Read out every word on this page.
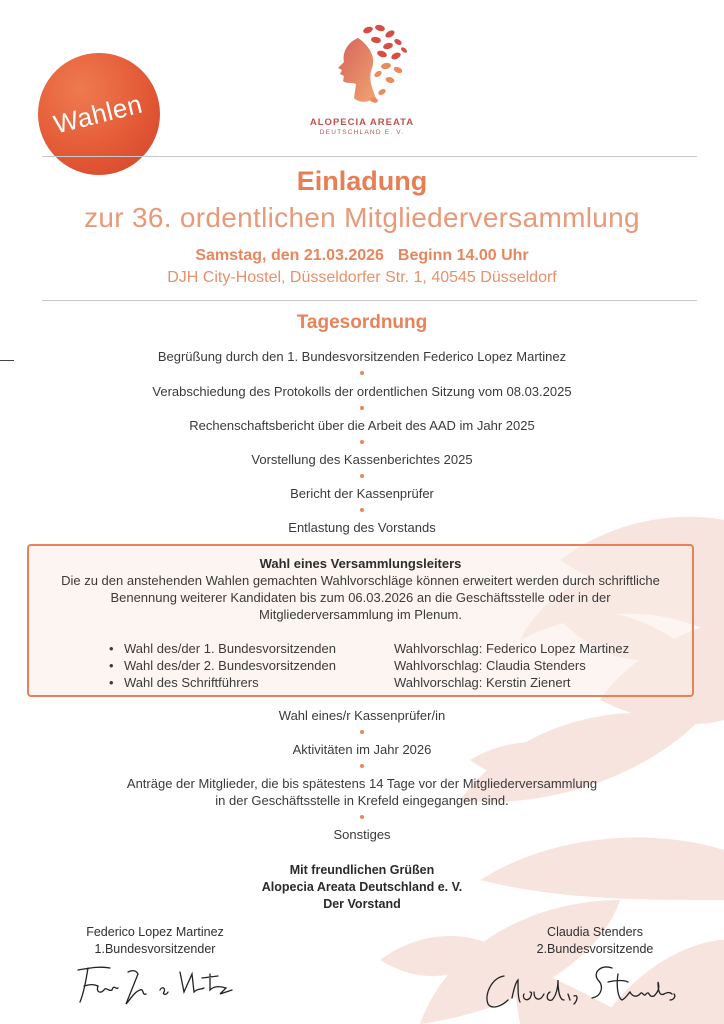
Wahlen	ALOPECIA AREATA
DEUTSCHLAND E. V.
Einladung
zur 36. ordentlichen Mitgliederversammlung
Samstag, den 21.03.2026 Beginn 14.00 Uhr
DJH City-Hostel, Düsseldorfer Str. 1, 40545 Düsseldorf
Tagesordnung
Begrüßung durch den 1. Bundesvorsitzenden Federico Lopez Martinez
Verabschiedung des Protokolls der ordentlichen Sitzung vom 08.03.2025
Rechenschaftsbericht über die Arbeit des AAD im Jahr 2025
Vorstellung des Kassenberichtes 2025
Bericht der Kassenprüfer
Entlastung des Vorstands
Wahl eines Versammlungsleiters
Die zu den anstehenden Wahlen gemachten Wahlvorschläge können erweitert werden durch schriftliche
Benennung weiterer Kandidaten bis zum 06.03.2026 an die Geschäftsstelle oder in der
Mitgliederversammlung im Plenum.
• Wahl des/der 1. Bundesvorsitzenden	Wahlvorschlag: Federico Lopez Martinez
• Wahl des/der 2. Bundesvorsitzenden	Wahlvorschlag: Claudia Stenders
• Wahl des Schriftführers	Wahlvorschlag: Kerstin Zienert
Wahl eines/r Kassenprüfer/in
Aktivitäten im Jahr 2026
Anträge der Mitglieder, die bis spätestens 14 Tage vor der Mitgliederversammlung
in der Geschäftsstelle in Krefeld eingegangen sind.
Sonstiges
Mit freundlichen Grüßen
Alopecia Areata Deutschland e. V.
Der Vorstand
Federico Lopez Martinez
1.Bundesvorsitzender
Claudia Stenders
2.Bundesvorsitzende
